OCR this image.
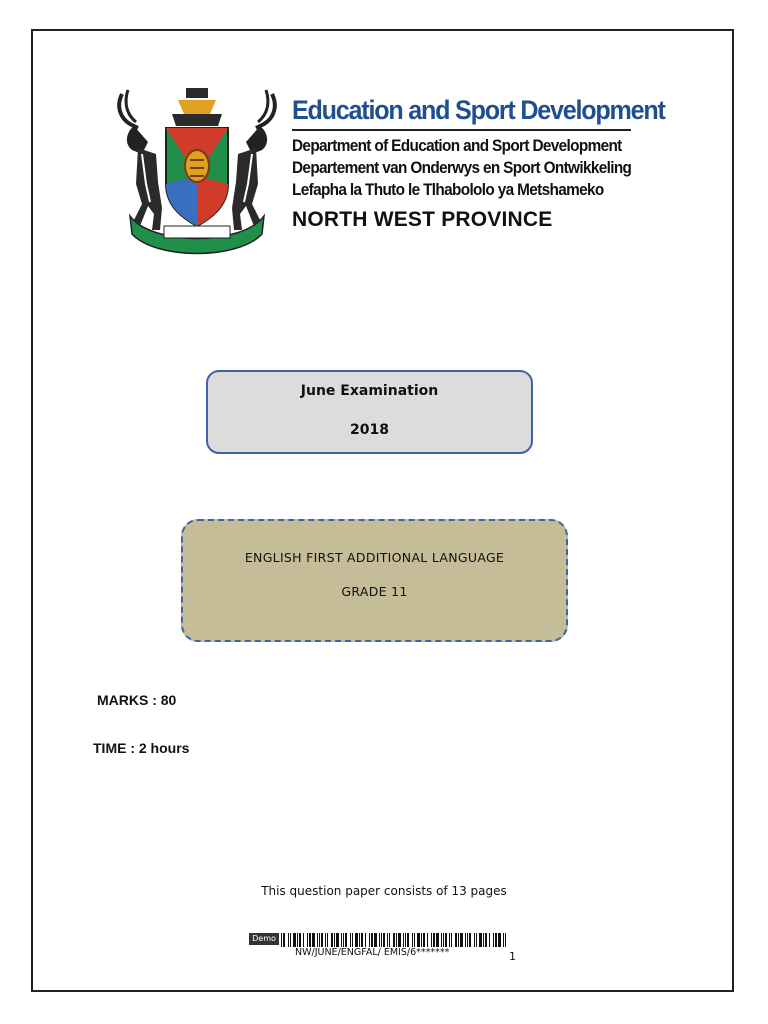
Education and Sport Development
Department of Education and Sport Development
Departement van Onderwys en Sport Ontwikkeling
Lefapha la Thuto le Tlhabololo ya Metshameko
NORTH WEST PROVINCE
June Examination
2018
ENGLISH FIRST ADDITIONAL LANGUAGE
GRADE 11
MARKS : 80
TIME : 2 hours
This question paper consists of 13 pages
Demo
NW/JUNE/ENGFAL/ EMIS/6*******	1
